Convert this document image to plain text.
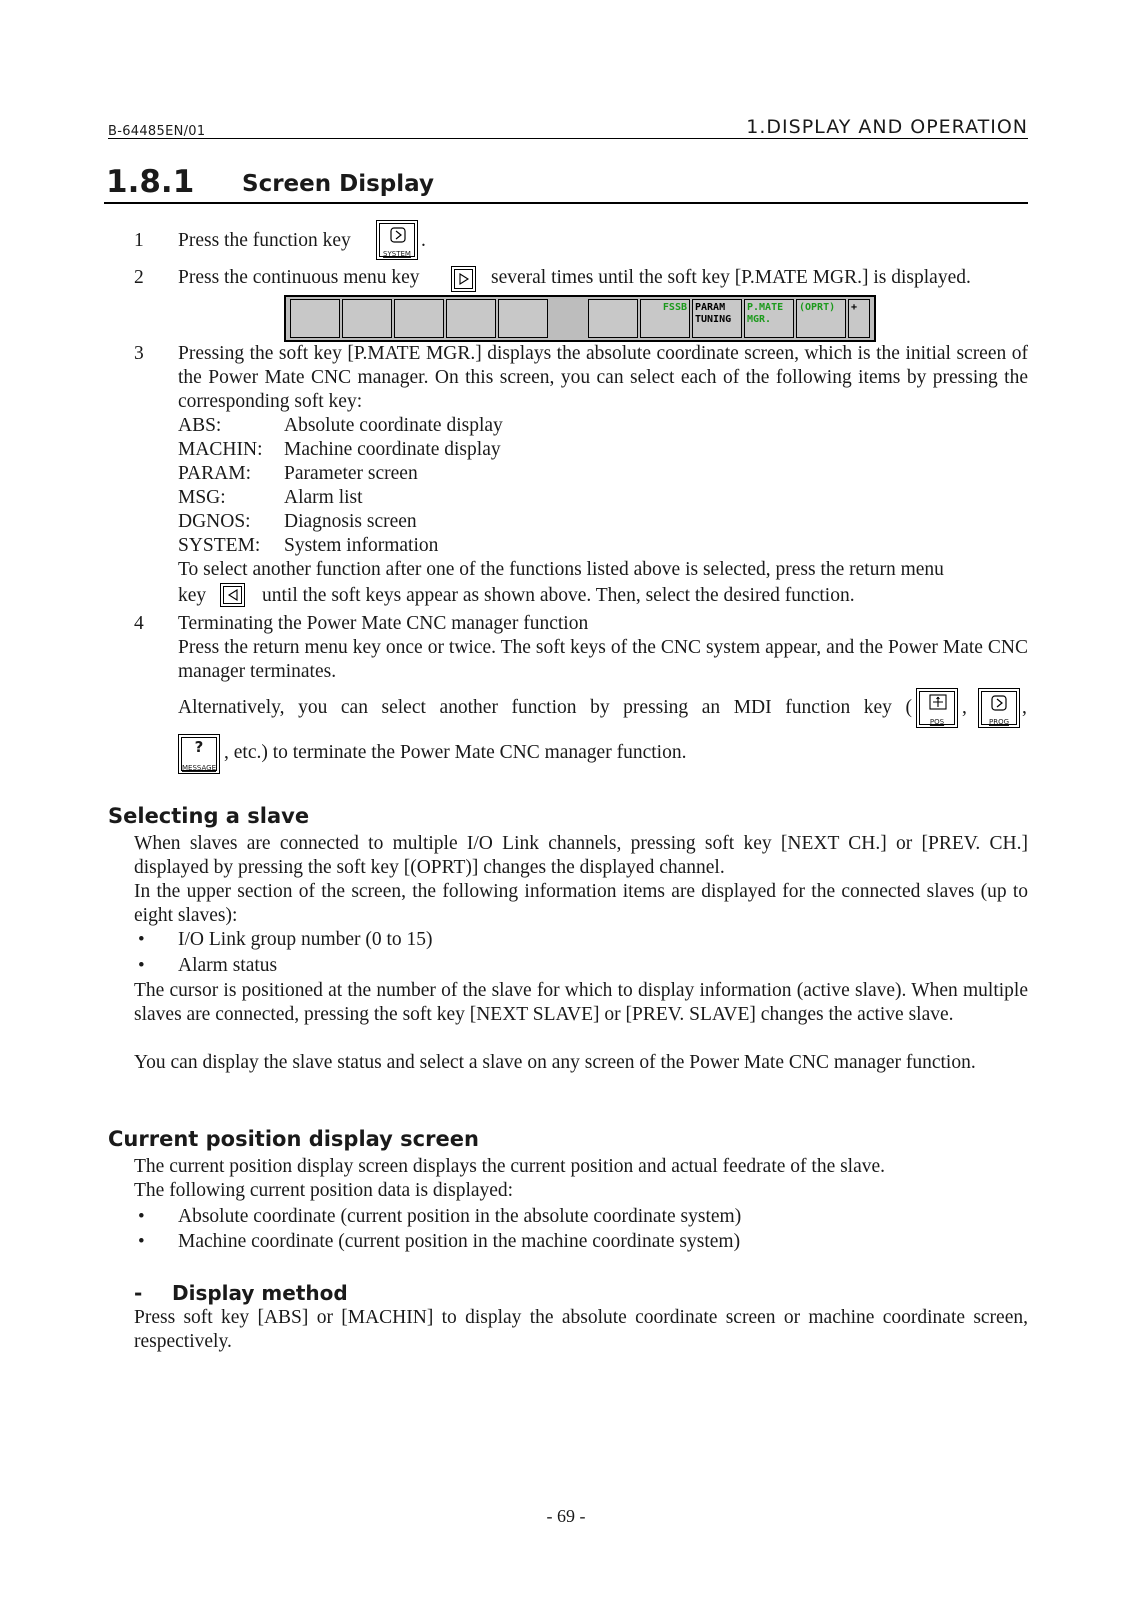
B-64485EN/01	1.DISPLAY AND OPERATION
1.8.1 Screen Display
1 Press the function key
SYSTEM
.
2 Press the continuous menu key	several times until the soft key [P.MATE MGR.] is displayed.
FSSB PARAM
TUNING
P.MATE
MGR.
(OPRT)	+
3 Pressing the soft key [P.MATE MGR.] displays the absolute coordinate screen, which is the initial screen of the Power Mate CNC manager. On this screen, you can select each of the following items by pressing the corresponding soft key:
ABS:	Absolute coordinate display
MACHIN: Machine coordinate display
PARAM: Parameter screen
MSG:	Alarm list
DGNOS: Diagnosis screen
SYSTEM: System information
To select another function after one of the functions listed above is selected, press the return menu
key	until the soft keys appear as shown above. Then, select the desired function.
4 Terminating the Power Mate CNC manager function
Press the return menu key once or twice. The soft keys of the CNC system appear, and the Power Mate CNC manager terminates.
Alternatively, you can select another function by pressing an MDI function key (
POS
,
PROG
,
?
MESSAGE
, etc.) to terminate the Power Mate CNC manager function.
Selecting a slave
When slaves are connected to multiple I/O Link channels, pressing soft key [NEXT CH.] or [PREV. CH.] displayed by pressing the soft key [(OPRT)] changes the displayed channel.
In the upper section of the screen, the following information items are displayed for the connected slaves (up to eight slaves):
• I/O Link group number (0 to 15)
• Alarm status
The cursor is positioned at the number of the slave for which to display information (active slave). When multiple slaves are connected, pressing the soft key [NEXT SLAVE] or [PREV. SLAVE] changes the active slave.
You can display the slave status and select a slave on any screen of the Power Mate CNC manager function.
Current position display screen
The current position display screen displays the current position and actual feedrate of the slave.
The following current position data is displayed:
• Absolute coordinate (current position in the absolute coordinate system)
• Machine coordinate (current position in the machine coordinate system)
- Display method
Press soft key [ABS] or [MACHIN] to display the absolute coordinate screen or machine coordinate screen, respectively.
- 69 -
